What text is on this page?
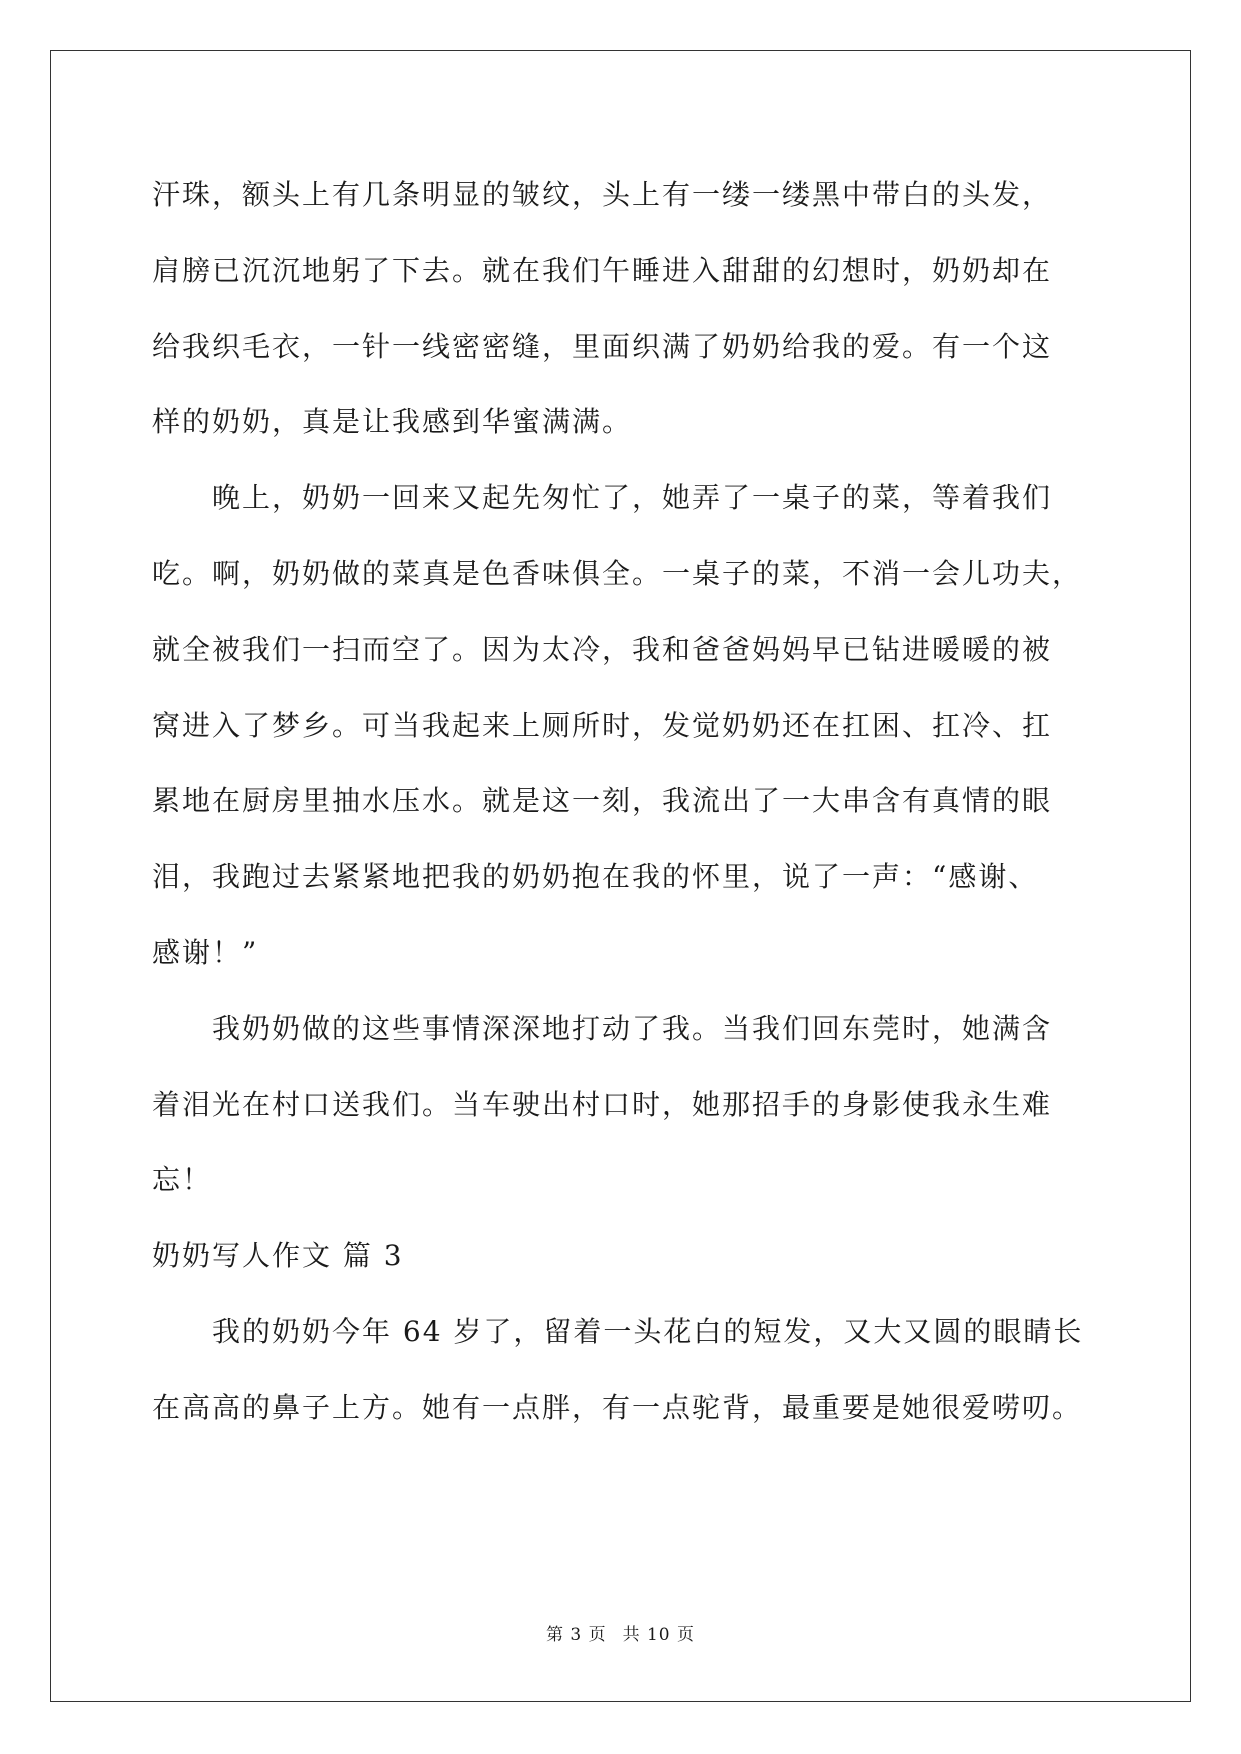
汗珠，额头上有几条明显的皱纹，头上有一缕一缕黑中带白的头发，
肩膀已沉沉地躬了下去。就在我们午睡进入甜甜的幻想时，奶奶却在
给我织毛衣，一针一线密密缝，里面织满了奶奶给我的爱。有一个这
样的奶奶，真是让我感到华蜜满满。
晚上，奶奶一回来又起先匆忙了，她弄了一桌子的菜，等着我们
吃。啊，奶奶做的菜真是色香味俱全。一桌子的菜，不消一会儿功夫，
就全被我们一扫而空了。因为太冷，我和爸爸妈妈早已钻进暖暖的被
窝进入了梦乡。可当我起来上厕所时，发觉奶奶还在扛困、扛冷、扛
累地在厨房里抽水压水。就是这一刻，我流出了一大串含有真情的眼
泪，我跑过去紧紧地把我的奶奶抱在我的怀里，说了一声：“感谢、
感谢！”
我奶奶做的这些事情深深地打动了我。当我们回东莞时，她满含
着泪光在村口送我们。当车驶出村口时，她那招手的身影使我永生难
忘！
奶奶写人作文 篇 3
我的奶奶今年 64 岁了，留着一头花白的短发，又大又圆的眼睛长
在高高的鼻子上方。她有一点胖，有一点驼背，最重要是她很爱唠叨。
第 3 页 共 10 页
